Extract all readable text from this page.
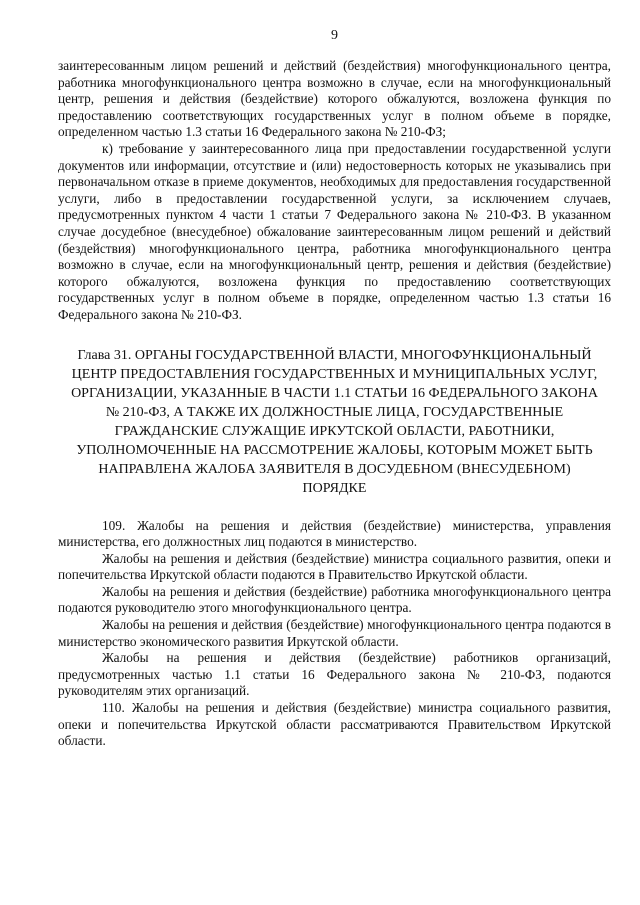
9

заинтересованным лицом решений и действий (бездействия) многофункционального центра, работника многофункционального центра возможно в случае, если на многофункциональный центр, решения и действия (бездействие) которого обжалуются, возложена функция по предоставлению соответствующих государственных услуг в полном объеме в порядке, определенном частью 1.3 статьи 16 Федерального закона № 210-ФЗ;

к) требование у заинтересованного лица при предоставлении государственной услуги документов или информации, отсутствие и (или) недостоверность которых не указывались при первоначальном отказе в приеме документов, необходимых для предоставления государственной услуги, либо в предоставлении государственной услуги, за исключением случаев, предусмотренных пунктом 4 части 1 статьи 7 Федерального закона № 210-ФЗ. В указанном случае досудебное (внесудебное) обжалование заинтересованным лицом решений и действий (бездействия) многофункционального центра, работника многофункционального центра возможно в случае, если на многофункциональный центр, решения и действия (бездействие) которого обжалуются, возложена функция по предоставлению соответствующих государственных услуг в полном объеме в порядке, определенном частью 1.3 статьи 16 Федерального закона № 210-ФЗ.

Глава 31. ОРГАНЫ ГОСУДАРСТВЕННОЙ ВЛАСТИ, МНОГОФУНКЦИОНАЛЬНЫЙ ЦЕНТР ПРЕДОСТАВЛЕНИЯ ГОСУДАРСТВЕННЫХ И МУНИЦИПАЛЬНЫХ УСЛУГ, ОРГАНИЗАЦИИ, УКАЗАННЫЕ В ЧАСТИ 1.1 СТАТЬИ 16 ФЕДЕРАЛЬНОГО ЗАКОНА № 210-ФЗ, А ТАКЖЕ ИХ ДОЛЖНОСТНЫЕ ЛИЦА, ГОСУДАРСТВЕННЫЕ ГРАЖДАНСКИЕ СЛУЖАЩИЕ ИРКУТСКОЙ ОБЛАСТИ, РАБОТНИКИ, УПОЛНОМОЧЕННЫЕ НА РАССМОТРЕНИЕ ЖАЛОБЫ, КОТОРЫМ МОЖЕТ БЫТЬ НАПРАВЛЕНА ЖАЛОБА ЗАЯВИТЕЛЯ В ДОСУДЕБНОМ (ВНЕСУДЕБНОМ) ПОРЯДКЕ

109. Жалобы на решения и действия (бездействие) министерства, управления министерства, его должностных лиц подаются в министерство.

Жалобы на решения и действия (бездействие) министра социального развития, опеки и попечительства Иркутской области подаются в Правительство Иркутской области.

Жалобы на решения и действия (бездействие) работника многофункционального центра подаются руководителю этого многофункционального центра.

Жалобы на решения и действия (бездействие) многофункционального центра подаются в министерство экономического развития Иркутской области.

Жалобы на решения и действия (бездействие) работников организаций, предусмотренных частью 1.1 статьи 16 Федерального закона № 210-ФЗ, подаются руководителям этих организаций.

110. Жалобы на решения и действия (бездействие) министра социального развития, опеки и попечительства Иркутской области рассматриваются Правительством Иркутской области.
